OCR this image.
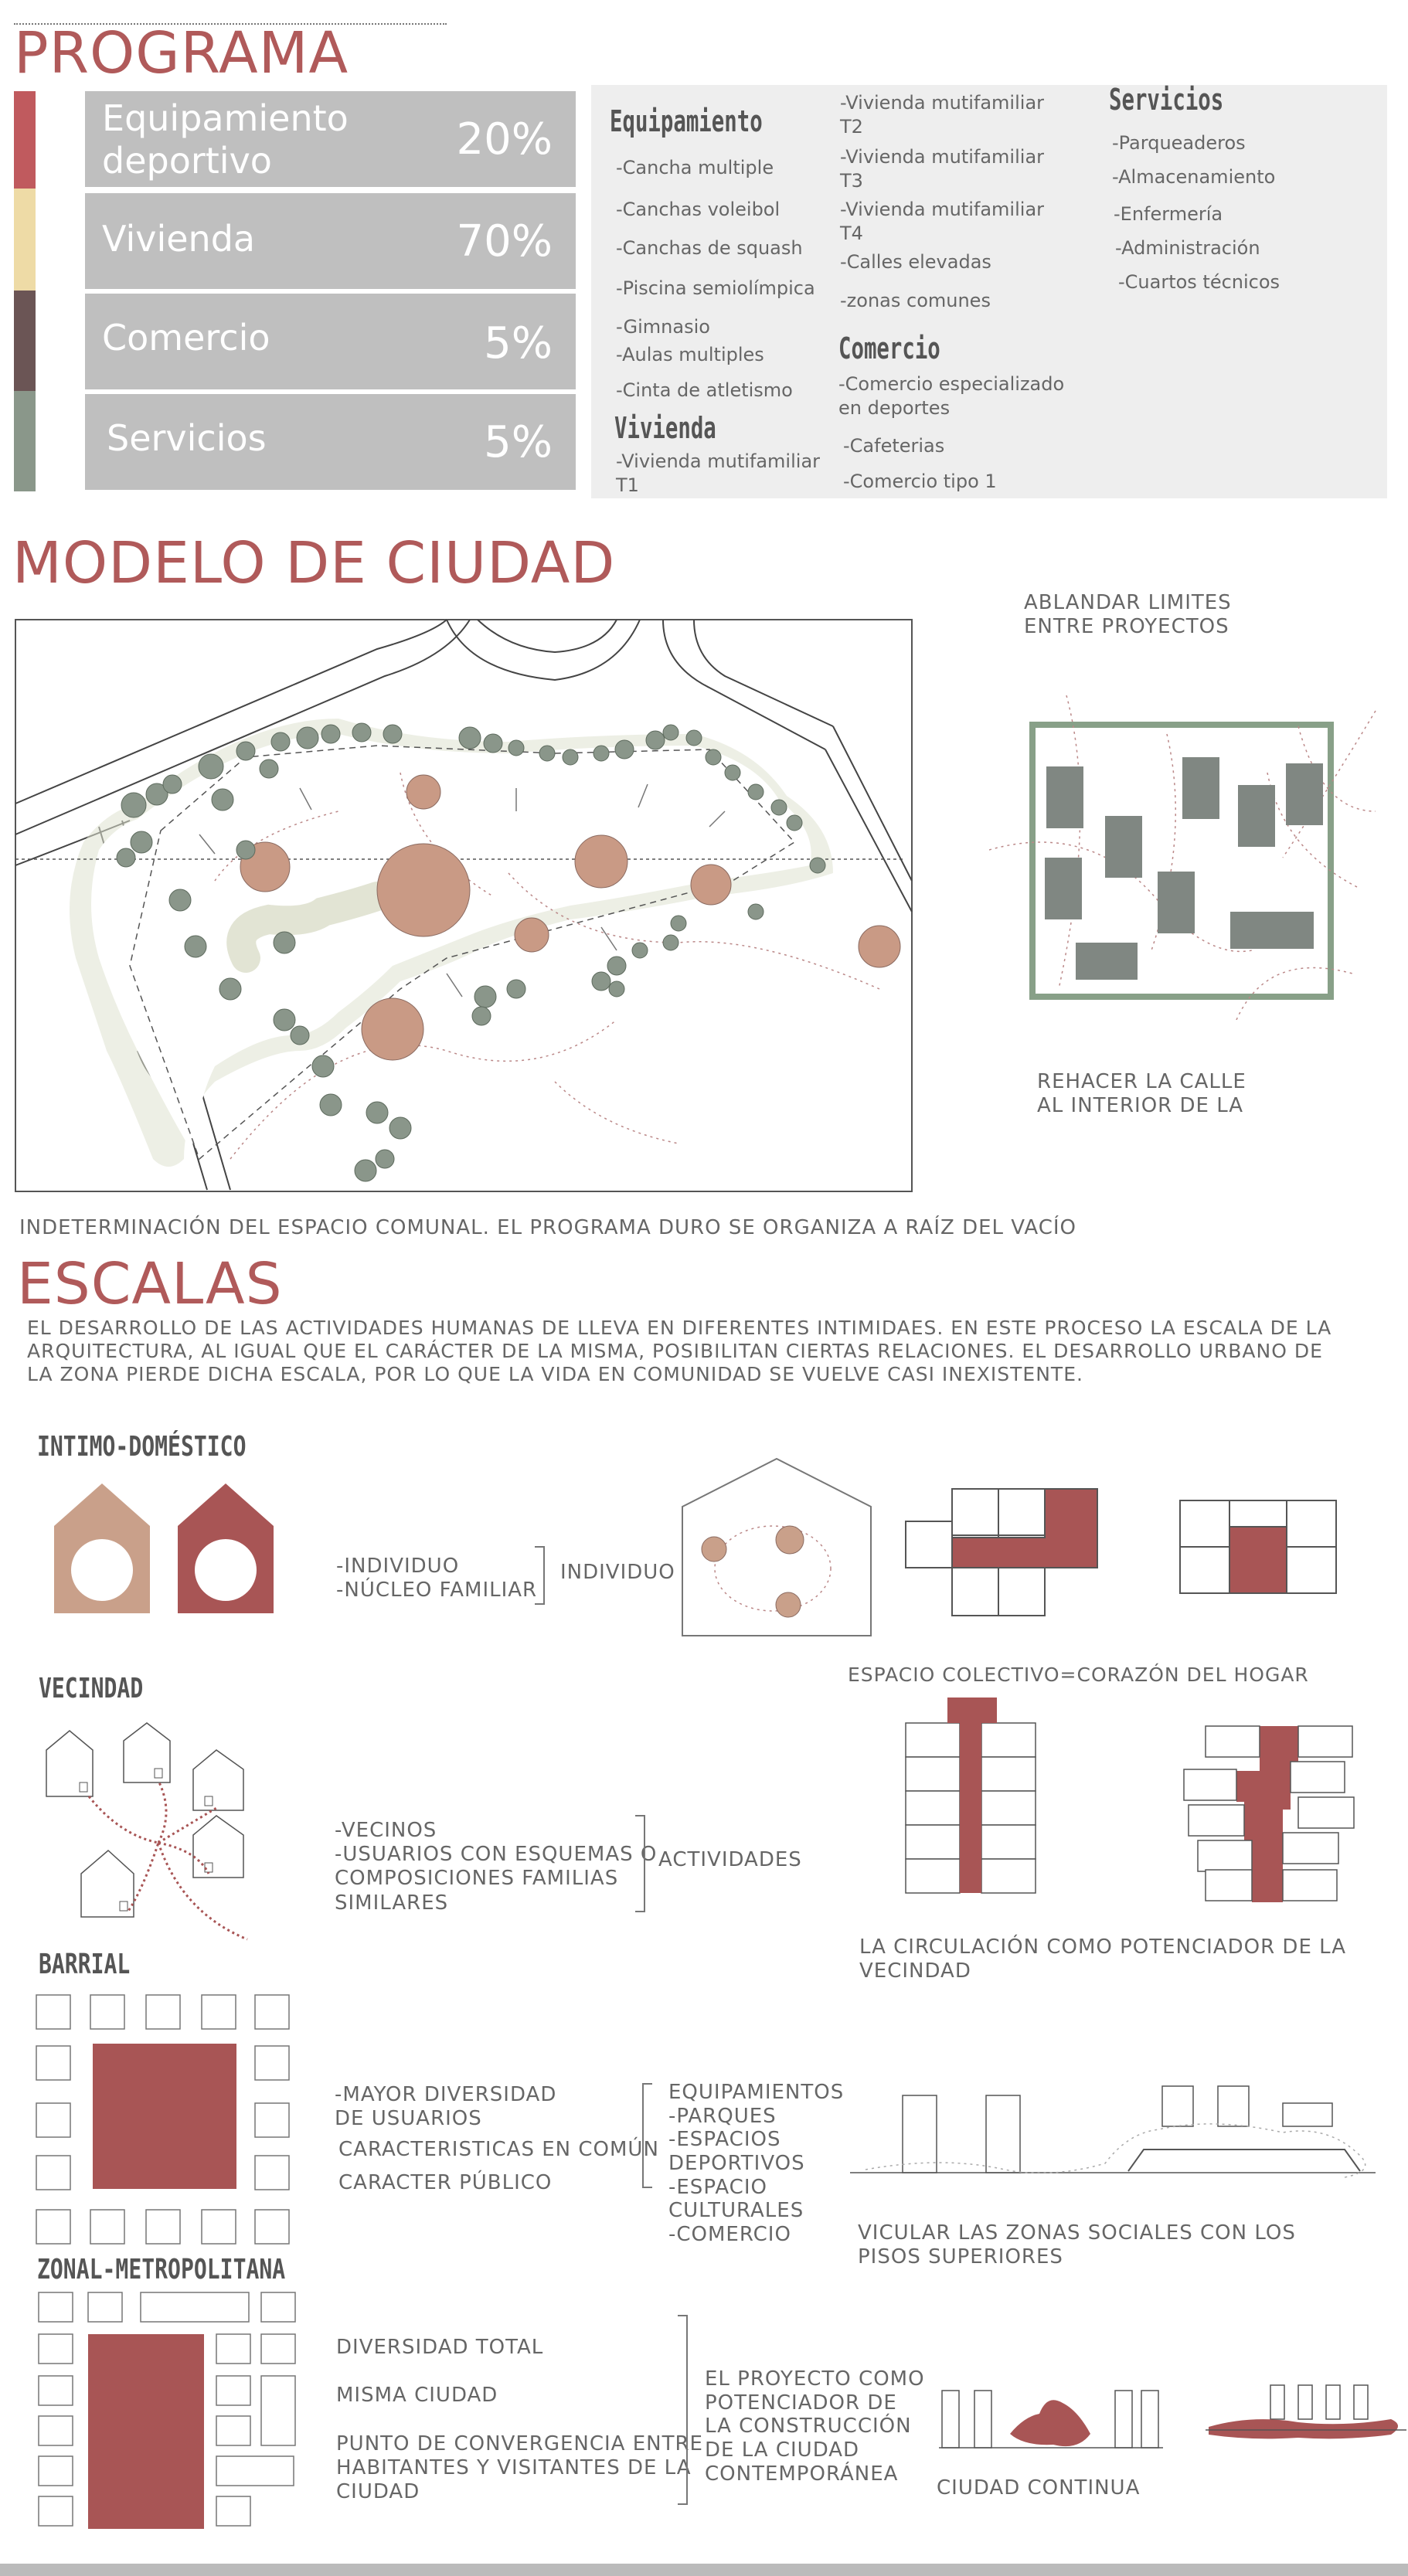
PROGRAMA
Equipamiento
deportivo	20%
Vivienda	70%
Comercio	5%
Servicios	5%
Equipamiento
-Cancha multiple
-Canchas voleibol
-Canchas de squash
-Piscina semiolímpica
-Gimnasio
-Aulas multiples
-Cinta de atletismo
Vivienda
-Vivienda mutifamiliar
T1
-Vivienda mutifamiliar
T2
-Vivienda mutifamiliar
T3
-Vivienda mutifamiliar
T4
-Calles elevadas
-zonas comunes
Comercio
-Comercio especializado
en deportes
-Cafeterias
-Comercio tipo 1
Servicios
-Parqueaderos
-Almacenamiento
-Enfermería
-Administración
-Cuartos técnicos
MODELO DE CIUDAD
ABLANDAR LIMITES
ENTRE PROYECTOS
REHACER LA CALLE
AL INTERIOR DE LA
INDETERMINACIÓN DEL ESPACIO COMUNAL. EL PROGRAMA DURO SE ORGANIZA A RAÍZ DEL VACÍO
ESCALAS
EL DESARROLLO DE LAS ACTIVIDADES HUMANAS DE LLEVA EN DIFERENTES INTIMIDAES. EN ESTE PROCESO LA ESCALA DE LA
ARQUITECTURA, AL IGUAL QUE EL CARÁCTER DE LA MISMA, POSIBILITAN CIERTAS RELACIONES. EL DESARROLLO URBANO DE
LA ZONA PIERDE DICHA ESCALA, POR LO QUE LA VIDA EN COMUNIDAD SE VUELVE CASI INEXISTENTE.
INTIMO-DOMÉSTICO
-INDIVIDUO
-NÚCLEO FAMILIAR
INDIVIDUO
ESPACIO COLECTIVO=CORAZÓN DEL HOGAR
VECINDAD
-VECINOS
-USUARIOS CON ESQUEMAS O
COMPOSICIONES FAMILIAS
SIMILARES
ACTIVIDADES
LA CIRCULACIÓN COMO POTENCIADOR DE LA
VECINDAD
BARRIAL
-MAYOR DIVERSIDAD
DE USUARIOS
CARACTERISTICAS EN COMÚN
CARACTER PÚBLICO
EQUIPAMIENTOS
-PARQUES
-ESPACIOS
DEPORTIVOS
-ESPACIO
CULTURALES
-COMERCIO	VICULAR LAS ZONAS SOCIALES CON LOS
PISOS SUPERIORES
ZONAL-METROPOLITANA
DIVERSIDAD TOTAL
MISMA CIUDAD
PUNTO DE CONVERGENCIA ENTRE
HABITANTES Y VISITANTES DE LA
CIUDAD
EL PROYECTO COMO
POTENCIADOR DE
LA CONSTRUCCIÓN
DE LA CIUDAD
CONTEMPORÁNEA
CIUDAD CONTINUA
